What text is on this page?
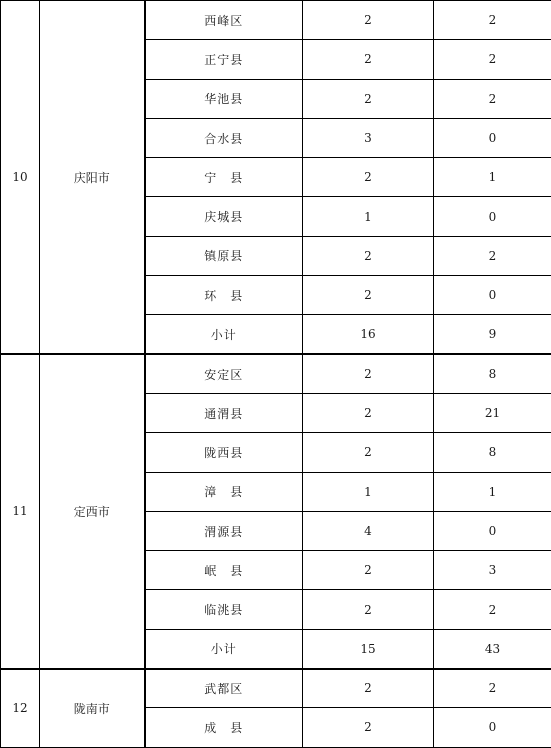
10	庆阳市	西峰区	2	2
		正宁县	2	2
		华池县	2	2
		合水县	3	0
		宁　县	2	1
		庆城县	1	0
		镇原县	2	2
		环　县	2	0
		小计	16	9
11	定西市	安定区	2	8
		通渭县	2	21
		陇西县	2	8
		漳　县	1	1
		渭源县	4	0
		岷　县	2	3
		临洮县	2	2
		小计	15	43
12	陇南市	武都区	2	2
		成　县	2	0
